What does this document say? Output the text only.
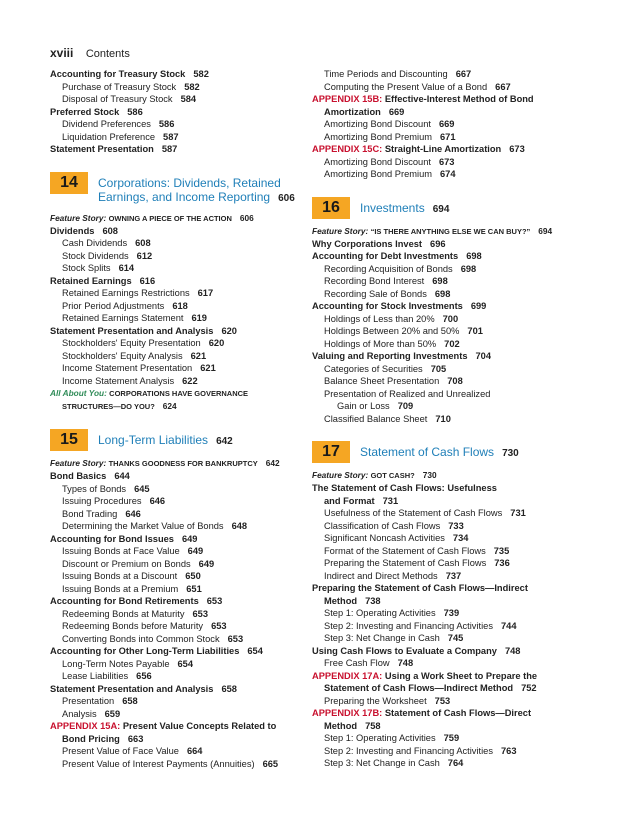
xviii Contents
Accounting for Treasury Stock 582
Purchase of Treasury Stock 582
Disposal of Treasury Stock 584
Preferred Stock 586
Dividend Preferences 586
Liquidation Preference 587
Statement Presentation 587
14	Corporations: Dividends, Retained Earnings, and Income Reporting 606
Feature Story: OWNING A PIECE OF THE ACTION 606
Dividends 608
Cash Dividends 608
Stock Dividends 612
Stock Splits 614
Retained Earnings 616
Retained Earnings Restrictions 617
Prior Period Adjustments 618
Retained Earnings Statement 619
Statement Presentation and Analysis 620
Stockholders' Equity Presentation 620
Stockholders' Equity Analysis 621
Income Statement Presentation 621
Income Statement Analysis 622
All About You: CORPORATIONS HAVE GOVERNANCE
STRUCTURES—DO YOU? 624
15	Long-Term Liabilities 642
Feature Story: THANKS GOODNESS FOR BANKRUPTCY 642
Bond Basics 644
Types of Bonds 645
Issuing Procedures 646
Bond Trading 646
Determining the Market Value of Bonds 648
Accounting for Bond Issues 649
Issuing Bonds at Face Value 649
Discount or Premium on Bonds 649
Issuing Bonds at a Discount 650
Issuing Bonds at a Premium 651
Accounting for Bond Retirements 653
Redeeming Bonds at Maturity 653
Redeeming Bonds before Maturity 653
Converting Bonds into Common Stock 653
Accounting for Other Long-Term Liabilities 654
Long-Term Notes Payable 654
Lease Liabilities 656
Statement Presentation and Analysis 658
Presentation 658
Analysis 659
APPENDIX 15A: Present Value Concepts Related to
Bond Pricing 663
Present Value of Face Value 664
Present Value of Interest Payments (Annuities) 665
Time Periods and Discounting 667
Computing the Present Value of a Bond 667
APPENDIX 15B: Effective-Interest Method of Bond
Amortization 669
Amortizing Bond Discount 669
Amortizing Bond Premium 671
APPENDIX 15C: Straight-Line Amortization 673
Amortizing Bond Discount 673
Amortizing Bond Premium 674
16	Investments 694
Feature Story: “IS THERE ANYTHING ELSE WE CAN BUY?” 694
Why Corporations Invest 696
Accounting for Debt Investments 698
Recording Acquisition of Bonds 698
Recording Bond Interest 698
Recording Sale of Bonds 698
Accounting for Stock Investments 699
Holdings of Less than 20% 700
Holdings Between 20% and 50% 701
Holdings of More than 50% 702
Valuing and Reporting Investments 704
Categories of Securities 705
Balance Sheet Presentation 708
Presentation of Realized and Unrealized
Gain or Loss 709
Classified Balance Sheet 710
17	Statement of Cash Flows 730
Feature Story: GOT CASH? 730
The Statement of Cash Flows: Usefulness
and Format 731
Usefulness of the Statement of Cash Flows 731
Classification of Cash Flows 733
Significant Noncash Activities 734
Format of the Statement of Cash Flows 735
Preparing the Statement of Cash Flows 736
Indirect and Direct Methods 737
Preparing the Statement of Cash Flows—Indirect
Method 738
Step 1: Operating Activities 739
Step 2: Investing and Financing Activities 744
Step 3: Net Change in Cash 745
Using Cash Flows to Evaluate a Company 748
Free Cash Flow 748
APPENDIX 17A: Using a Work Sheet to Prepare the
Statement of Cash Flows—Indirect Method 752
Preparing the Worksheet 753
APPENDIX 17B: Statement of Cash Flows—Direct
Method 758
Step 1: Operating Activities 759
Step 2: Investing and Financing Activities 763
Step 3: Net Change in Cash 764
